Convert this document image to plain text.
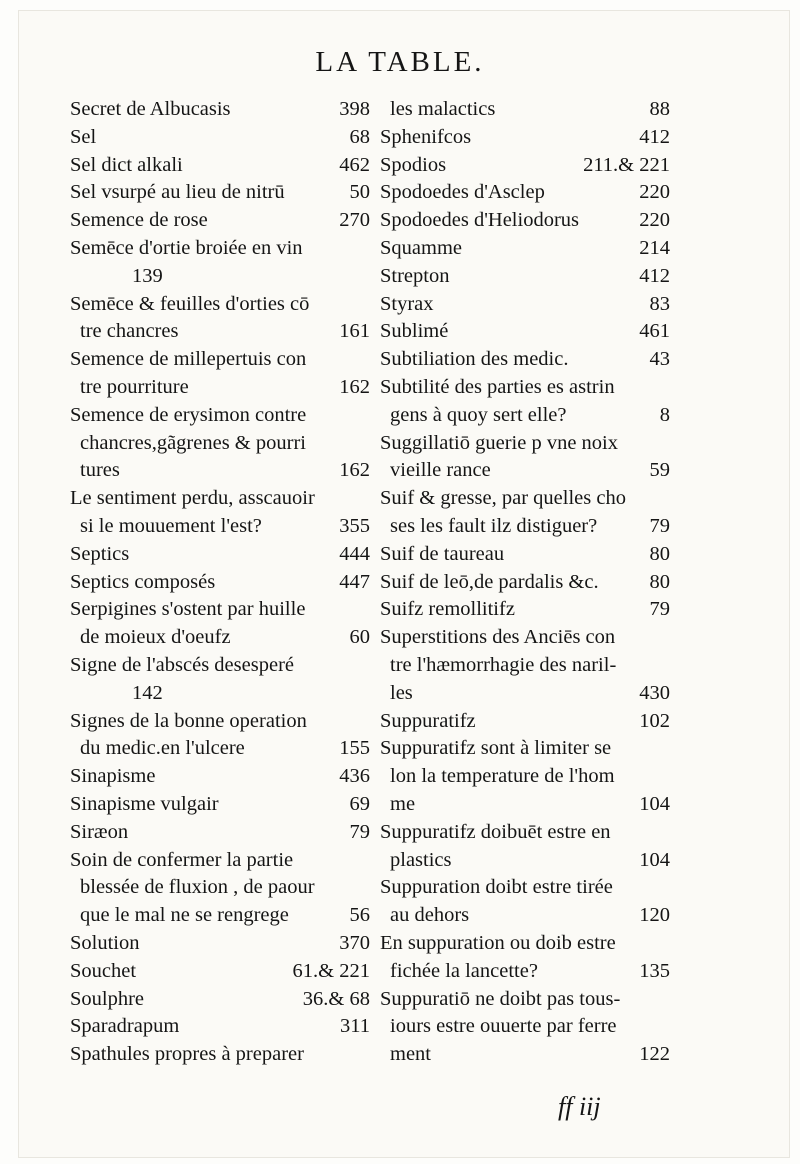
LA TABLE.
Secret de Albucasis	398
Sel	68
Sel dict alkali	462
Sel vsurpé au lieu de nitrū	50
Semence de rose	270
Semēce d'ortie broiée en vin
139
Semēce & feuilles d'orties cō
tre chancres	161
Semence de millepertuis con
tre pourriture	162
Semence de erysimon contre
chancres,gãgrenes & pourri
tures	162
Le sentiment perdu, asscauoir
si le mouuement l'est?	355
Septics	444
Septics composés	447
Serpigines s'ostent par huille
de moieux d'oeufz	60
Signe de l'abscés desesperé
142
Signes de la bonne operation
du medic.en l'ulcere	155
Sinapisme	436
Sinapisme vulgair	69
Siræon	79
Soin de confermer la partie
blessée de fluxion , de paour
que le mal ne se rengrege	56
Solution	370
Souchet	61.& 221
Soulphre	36.& 68
Sparadrapum	311
Spathules propres à preparer
les malactics	88
Sphenifcos	412
Spodios	211.& 221
Spodoedes d'Asclep	220
Spodoedes d'Heliodorus	220
Squamme	214
Strepton	412
Styrax	83
Sublimé	461
Subtiliation des medic.	43
Subtilité des parties es astrin
gens à quoy sert elle?	8
Suggillatiō guerie p vne noix
vieille rance	59
Suif & gresse, par quelles cho
ses les fault ilz distiguer?	79
Suif de taureau	80
Suif de leō,de pardalis &c. 80
Suifz remollitifz	79
Superstitions des Anciēs con
tre l'hæmorrhagie des naril-
les	430
Suppuratifz	102
Suppuratifz sont à limiter se
lon la temperature de l'hom
me	104
Suppuratifz doibuēt estre en
plastics	104
Suppuration doibt estre tirée
au dehors	120
En suppuration ou doib estre
fichée la lancette?	135
Suppuratiō ne doibt pas tous-
iours estre ouuerte par ferre
ment	122
ff iij
